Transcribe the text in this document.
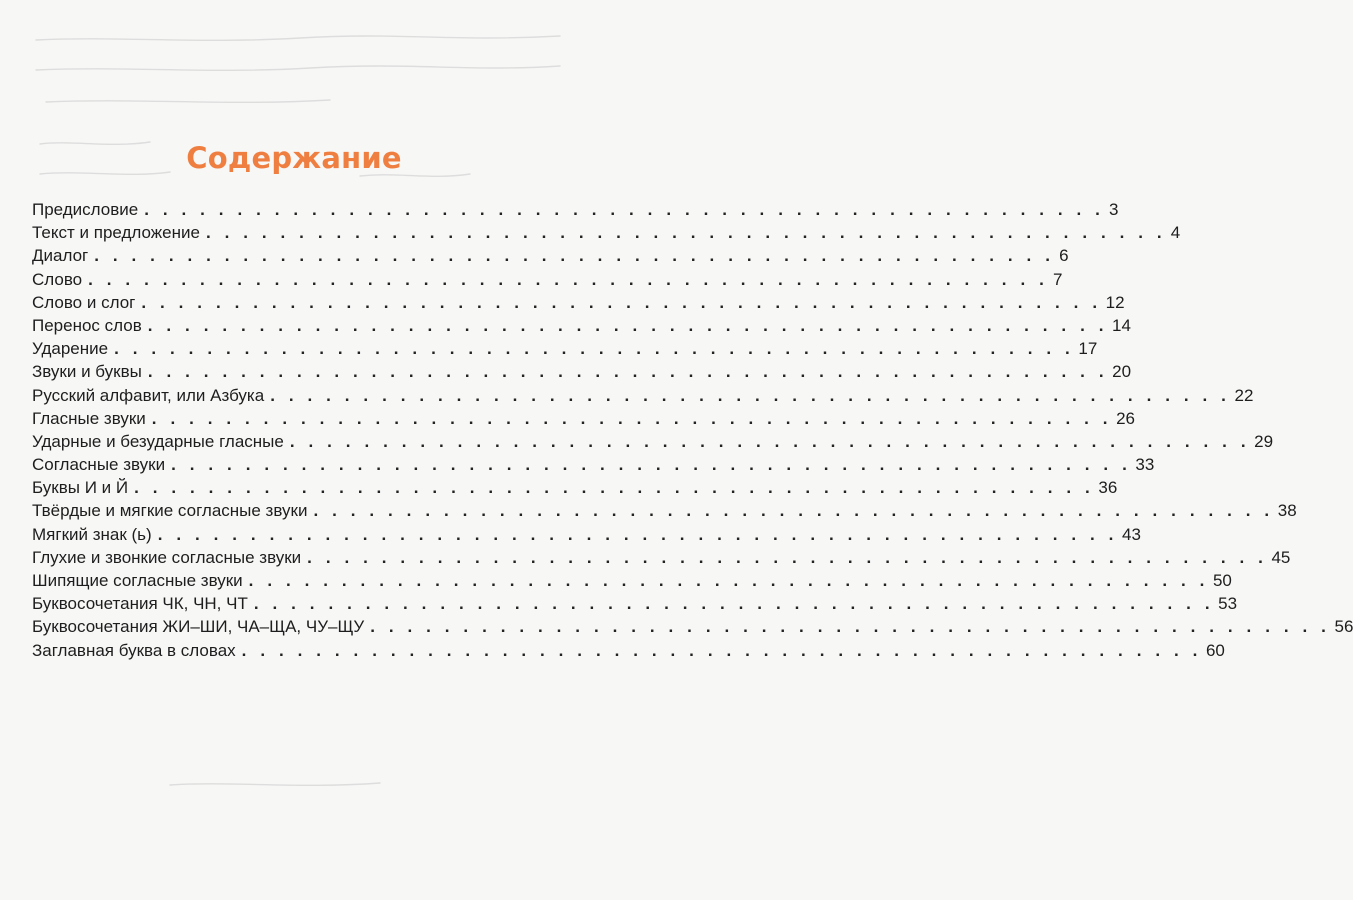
Содержание
Предисловие . . . . . . . . . . . . . . . . . . . . . . . . . . . . . . . . . . . . . . . . . . . . . . . . . . . . 3
Текст и предложение . . . . . . . . . . . . . . . . . . . . . . . . . . . . . . . . . . . . . . . . . . . . . . . . . . . . 4
Диалог . . . . . . . . . . . . . . . . . . . . . . . . . . . . . . . . . . . . . . . . . . . . . . . . . . . . 6
Слово . . . . . . . . . . . . . . . . . . . . . . . . . . . . . . . . . . . . . . . . . . . . . . . . . . . . 7
Слово и слог . . . . . . . . . . . . . . . . . . . . . . . . . . . . . . . . . . . . . . . . . . . . . . . . . . . . 12
Перенос слов . . . . . . . . . . . . . . . . . . . . . . . . . . . . . . . . . . . . . . . . . . . . . . . . . . . . 14
Ударение . . . . . . . . . . . . . . . . . . . . . . . . . . . . . . . . . . . . . . . . . . . . . . . . . . . . 17
Звуки и буквы . . . . . . . . . . . . . . . . . . . . . . . . . . . . . . . . . . . . . . . . . . . . . . . . . . . . 20
Русский алфавит, или Азбука . . . . . . . . . . . . . . . . . . . . . . . . . . . . . . . . . . . . . . . . . . . . . . . . . . . . 22
Гласные звуки . . . . . . . . . . . . . . . . . . . . . . . . . . . . . . . . . . . . . . . . . . . . . . . . . . . . 26
Ударные и безударные гласные . . . . . . . . . . . . . . . . . . . . . . . . . . . . . . . . . . . . . . . . . . . . . . . . . . . . 29
Согласные звуки . . . . . . . . . . . . . . . . . . . . . . . . . . . . . . . . . . . . . . . . . . . . . . . . . . . . 33
Буквы И и Й . . . . . . . . . . . . . . . . . . . . . . . . . . . . . . . . . . . . . . . . . . . . . . . . . . . . 36
Твёрдые и мягкие согласные звуки . . . . . . . . . . . . . . . . . . . . . . . . . . . . . . . . . . . . . . . . . . . . . . . . . . . . 38
Мягкий знак (ь) . . . . . . . . . . . . . . . . . . . . . . . . . . . . . . . . . . . . . . . . . . . . . . . . . . . . 43
Глухие и звонкие согласные звуки . . . . . . . . . . . . . . . . . . . . . . . . . . . . . . . . . . . . . . . . . . . . . . . . . . . . 45
Шипящие согласные звуки . . . . . . . . . . . . . . . . . . . . . . . . . . . . . . . . . . . . . . . . . . . . . . . . . . . . 50
Буквосочетания ЧК, ЧН, ЧТ . . . . . . . . . . . . . . . . . . . . . . . . . . . . . . . . . . . . . . . . . . . . . . . . . . . . 53
Буквосочетания ЖИ–ШИ, ЧА–ЩА, ЧУ–ЩУ . . . . . . . . . . . . . . . . . . . . . . . . . . . . . . . . . . . . . . . . . . . . . . . . . . . . 56
Заглавная буква в словах . . . . . . . . . . . . . . . . . . . . . . . . . . . . . . . . . . . . . . . . . . . . . . . . . . . . 60
